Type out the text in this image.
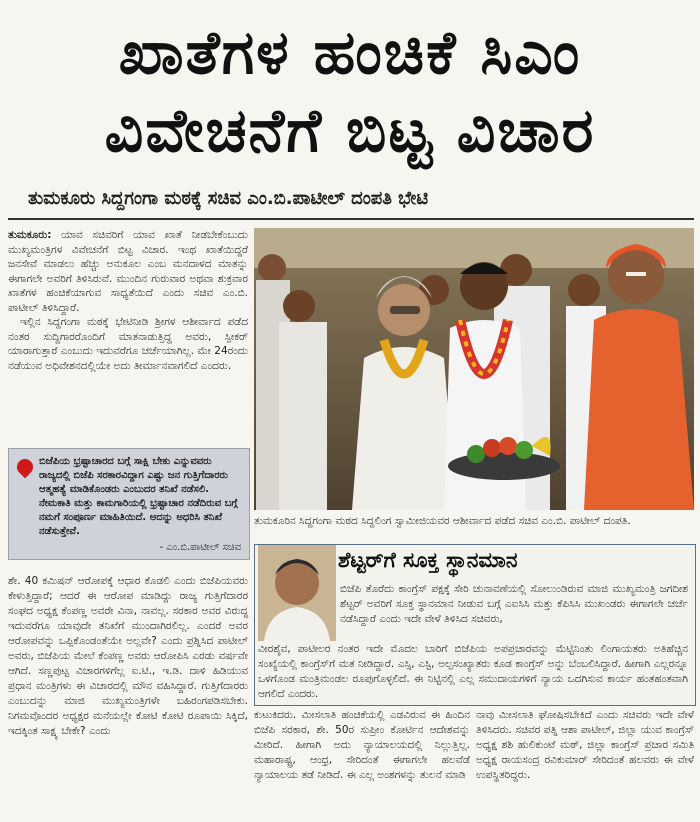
ಖಾತೆಗಳ ಹಂಚಿಕೆ ಸಿಎಂ
ವಿವೇಚನೆಗೆ ಬಿಟ್ಟ ವಿಚಾರ
ತುಮಕೂರು ಸಿದ್ದಗಂಗಾ ಮಠಕ್ಕೆ ಸಚಿವ ಎಂ.ಬಿ.ಪಾಟೀಲ್ ದಂಪತಿ ಭೇಟಿ

ತುಮಕೂರು: ಯಾವ ಸಚಿವರಿಗೆ ಯಾವ ಖಾತೆ ನೀಡಬೇಕೆಂಬುದು ಮುಖ್ಯಮಂತ್ರಿಗಳ ವಿವೇಚನೆಗೆ ಬಿಟ್ಟ ವಿಚಾರ. ಇಂಥ ಖಾತೆಯಿದ್ದರೆ ಜನಸೇವೆ ಮಾಡಲು ಹೆಚ್ಚು ಅನುಕೂಲ ಎಂಬ ಮನದಾಳದ ಮಾತನ್ನು ಈಗಾಗಲೇ ಅವರಿಗೆ ತಿಳಿಸಿರುವೆ. ಮುಂದಿನ ಗುರುವಾರ ಅಥವಾ ಶುಕ್ರವಾರ ಖಾತೆಗಳ ಹಂಚಿಕೆಯಾಗುವ ಸಾಧ್ಯತೆಯಿದೆ ಎಂದು ಸಚಿವ ಎಂ.ಬಿ. ಪಾಟೀಲ್ ತಿಳಿಸಿದ್ದಾರೆ.

ಇಲ್ಲಿನ ಸಿದ್ದಗಂಗಾ ಮಠಕ್ಕೆ ಭೇಟಿನೀಡಿ ಶ್ರೀಗಳ ಆಶೀರ್ವಾದ ಪಡೆದ ನಂತರ ಸುದ್ದಿಗಾರರೊಂದಿಗೆ ಮಾತನಾಡುತ್ತಿದ್ದ ಅವರು, ಸ್ಪೀಕರ್ ಯಾರಾಗುತ್ತಾರೆ ಎಂಬುದು ಇದುವರೆಗೂ ಚರ್ಚೆಯಾಗಿಲ್ಲ. ಮೇ 24ರಂದು ನಡೆಯುವ ಅಧಿವೇಶನದಲ್ಲಿಯೇ ಅದು ತೀರ್ಮಾನವಾಗಲಿದೆ ಎಂದರು.

ಬಿಜೆಪಿಯ ಭ್ರಷ್ಟಾಚಾರದ ಬಗ್ಗೆ ಸಾಕ್ಷಿ ಬೇಕು ಎನ್ನುವವರು ರಾಜ್ಯದಲ್ಲಿ ಬಿಜೆಪಿ ಸರಕಾರವಿದ್ದಾಗ ಎಷ್ಟು ಜನ ಗುತ್ತಿಗೆದಾರರು ಆತ್ಮಹತ್ಯೆ ಮಾಡಿಕೊಂಡರು ಎಂಬುದರ ತನಿಖೆ ನಡೆಸಲಿ. ನೇಮಕಾತಿ ಮತ್ತು ಕಾಮಗಾರಿಯಲ್ಲಿ ಭ್ರಷ್ಟಾಚಾರ ನಡೆದಿರುವ ಬಗ್ಗೆ ನಮಗೆ ಸಂಪೂರ್ಣ ಮಾಹಿತಿಯಿದೆ. ಅದನ್ನು ಅಧರಿಸಿ ತನಿಖೆ ನಡೆಸುತ್ತೇವೆ.
- ಎಂ.ಬಿ.ಪಾಟೀಲ್ ಸಚಿವ
ತುಮಕೂರಿನ ಸಿದ್ದಗಂಗಾ ಮಠದ ಸಿದ್ದಲಿಂಗ ಸ್ವಾಮೀಜಿಯವರ ಆಶೀರ್ವಾದ ಪಡೆದ ಸಚಿವ ಎಂ.ಬಿ. ಪಾಟೀಲ್ ದಂಪತಿ.
ಶೆಟ್ಟರ್‌ಗೆ ಸೂಕ್ತ ಸ್ಥಾನಮಾನ
ಬಿಜೆಪಿ ತೊರೆದು ಕಾಂಗ್ರೆಸ್ ಪಕ್ಷಕ್ಕೆ ಸೇರಿ ಚುನಾವಣೆಯಲ್ಲಿ ಸೋಲುಂಡಿರುವ ಮಾಜಿ ಮುಖ್ಯಮಂತ್ರಿ ಜಗದೀಶ ಶೆಟ್ಟರ್ ಅವರಿಗೆ ಸೂಕ್ತ ಸ್ಥಾನಮಾನ ನೀಡುವ ಬಗ್ಗೆ ಎಐಸಿಸಿ ಮತ್ತು ಕೆಪಿಸಿಸಿ ಮುಖಂಡರು ಈಗಾಗಲೇ ಚರ್ಚೆ ನಡೆಸಿದ್ದಾರೆ ಎಂದು ಇದೇ ವೇಳೆ ತಿಳಿಸಿದ ಸಚಿವರು,
ವೀರಶೈವ, ಪಾಟೀಲರ ನಂತರ ಇದೇ ಮೊದಲ ಬಾರಿಗೆ ಬಿಜೆಪಿಯ ಅಪಪ್ರಚಾರವನ್ನು ಮೆಟ್ಟಿನಿಂತು ಲಿಂಗಾಯತರು ಅತಿಹೆಚ್ಚಿನ ಸಂಖ್ಯೆಯಲ್ಲಿ ಕಾಂಗ್ರೆಸ್‌ಗೆ ಮತ ನೀಡಿದ್ದಾರೆ. ಎಸ್ಸಿ, ಎಸ್ಟಿ, ಅಲ್ಪಸಂಖ್ಯಾತರು ಕೂಡ ಕಾಂಗ್ರೆಸ್ ಅನ್ನು ಬೆಂಬಲಿಸಿದ್ದಾರೆ. ಹೀಗಾಗಿ ಎಲ್ಲರನ್ನೂ ಒಳಗೊಂಡ ಮಂತ್ರಿಮಂಡಲ ರೂಪುಗೊಳ್ಳಲಿದೆ. ಈ ನಿಟ್ಟಿನಲ್ಲಿ ಎಲ್ಲ ಸಮುದಾಯಗಳಿಗೆ ನ್ಯಾಯ ಒದಗಿಸುವ ಕಾರ್ಯ ಹಂತಹಂತವಾಗಿ ಆಗಲಿದೆ ಎಂದರು.
ಶೇ. 40 ಕಮಿಷನ್ ಆರೋಪಕ್ಕೆ ಆಧಾರ ಕೊಡಲಿ ಎಂದು ಬಿಜೆಪಿಯವರು ಕೇಳುತ್ತಿದ್ದಾರೆ; ಆದರೆ ಈ ಆರೋಪ ಮಾಡಿದ್ದು ರಾಜ್ಯ ಗುತ್ತಿಗೆದಾರರ ಸಂಘದ ಅಧ್ಯಕ್ಷ ಕೆಂಪಣ್ಣ ಅವರೇ ವಿನಾ, ನಾವಲ್ಲ. ಸರಕಾರ ಅವರ ವಿರುದ್ಧ ಇದುವರೆಗೂ ಯಾವುದೇ ತನಿಖೆಗೆ ಮುಂದಾಗಿರಲಿಲ್ಲ. ಎಂದರೆ ಅವರ ಆರೋಪವನ್ನು ಒಪ್ಪಿಕೊಂಡಂತೆಯೇ ಅಲ್ಲವೇ? ಎಂದು ಪ್ರಶ್ನಿಸಿದ ಪಾಟೀಲ್ ಅವರು, ಬಿಜೆಪಿಯ ಮೇಲೆ ಕೆಂಪಣ್ಣ ಅವರು ಆರೋಪಿಸಿ ಎರಡು ವರ್ಷವೇ ಆಗಿದೆ. ಸಣ್ಣಪುಟ್ಟ ವಿಚಾರಗಳಿಗೆಲ್ಲ ಐ.ಟಿ., ಇ.ಡಿ. ದಾಳಿ ಹಿಡಿಯುವ ಪ್ರಧಾನ ಮಂತ್ರಿಗಳು ಈ ವಿಚಾರದಲ್ಲಿ ಮೌನ ವಹಿಸಿದ್ದಾರೆ. ಗುತ್ತಿಗೆದಾರರು ಎಂಬುದನ್ನು ಮಾಜಿ ಮುಖ್ಯಮಂತ್ರಿಗಳೇ ಬಹಿರಂಗಪಡಿಸಬೇಕು. ನಿಗಮವೊಂದರ ಅಧ್ಯಕ್ಷರ ಮನೆಯಲ್ಲೇ ಕೋಟಿ ಕೋಟಿ ರೂಪಾಯಿ ಸಿಕ್ಕಿದೆ, ಇದಕ್ಕಿಂತ ಸಾಕ್ಷ್ಯ ಬೇಕೇ? ಎಂದು
ಕುಟುಕಿದರು. ಮೀಸಲಾತಿ ಹಂಚಿಕೆಯಲ್ಲಿ ಎಡವಿರುವ ಈ ಹಿಂದಿನ ಬಿಜೆಪಿ ಸರಕಾರ, ಶೇ. 50ರ ಸುಪ್ರೀಂ ಕೋರ್ಟಿನ ಆದೇಶವನ್ನು ಮೀರಿದೆ. ಹೀಗಾಗಿ ಅದು ನ್ಯಾಯಾಲಯದಲ್ಲಿ ನಿಲ್ಲುತ್ತಿಲ್ಲ. ಮಹಾರಾಷ್ಟ್ರ, ಆಂಧ್ರ, ಸೇರಿದಂತೆ ಈಗಾಗಲೇ ಹಲವೆಡೆ ನ್ಯಾಯಾಲಯ ತಡೆ ನೀಡಿದೆ. ಈ ಎಲ್ಲ ಅಂಶಗಳನ್ನು ತುಲನೆ ಮಾಡಿ
ನಾವು ಮೀಸಲಾತಿ ಘೋಷಿಸಬೇಕಿದೆ ಎಂದು ಸಚಿವರು ಇದೇ ವೇಳೆ ತಿಳಿಸಿದರು. ಸಚಿವರ ಪತ್ನಿ ಆಶಾ ಪಾಟೀಲ್, ಜಿಲ್ಲಾ ಯುವ ಕಾಂಗ್ರೆಸ್ ಅಧ್ಯಕ್ಷ ಶಶಿ ಹುಲಿಕುಂಟೆ ಮಠ್, ಜಿಲ್ಲಾ ಕಾಂಗ್ರೆಸ್ ಪ್ರಚಾರ ಸಮಿತಿ ಅಧ್ಯಕ್ಷ ರಾಯಸಂದ್ರ ರವಿಕುಮಾರ್ ಸೇರಿದಂತೆ ಹಲವರು ಈ ವೇಳೆ ಉಪಸ್ಥಿತರಿದ್ದರು.
